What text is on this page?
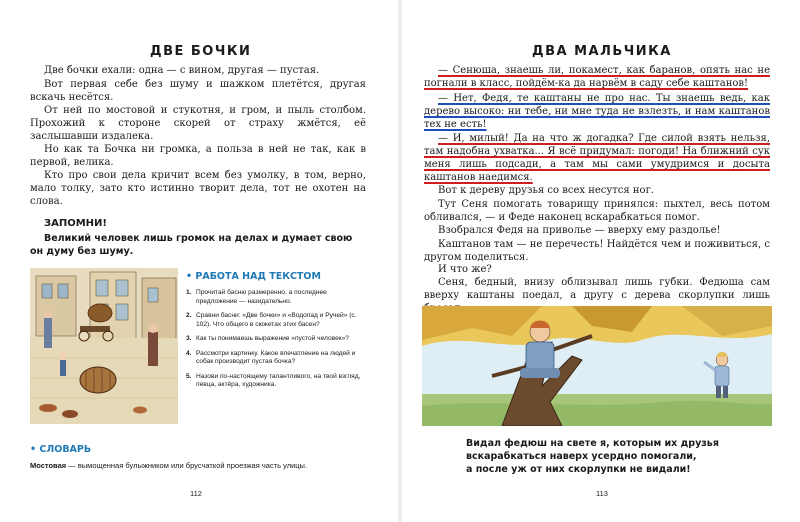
ДВЕ БОЧКИ

Две бочки ехали: одна — с вином, другая — пустая.

Вот первая себе без шуму и шажком плетётся, другая вскачь несётся.

От ней по мостовой и стукотня, и гром, и пыль столбом. Прохожий к стороне скорей от страху жмётся, её заслышавши издалека.

Но как та Бочка ни громка, а польза в ней не так, как в первой, велика.

Кто про свои дела кричит всем без умолку, в том, верно, мало толку, зато кто истинно творит дела, тот не охотен на слова.

ЗАПОМНИ!

Великий человек лишь громок на делах и думает свою он думу без шуму.

• РАБОТА НАД ТЕКСТОМ
1. Прочитай басню размеренно, а последнее предложение — назидательно.
2. Сравни басни: «Две бочки» и «Водопад и Ручей» (с. 102). Что общего в сюжетах этих басен?
3. Как ты понимаешь выражение «пустой человек»?
4. Рассмотри картинку. Какое впечатление на людей и собак производит пустая бочка?
5. Назови по-настоящему талантливого, на твой взгляд, певца, актёра, художника.
• СЛОВАРЬ
Мостовая — вымощенная булыжником или брусчаткой проезжая часть улицы.
112
ДВА МАЛЬЧИКА

— Сенюша, знаешь ли, покамест, как баранов, опять нас не погнали в класс, пойдём-ка да нарвём в саду себе каштанов!

— Нет, Федя, те каштаны не про нас. Ты знаешь ведь, как дерево высоко: ни тебе, ни мне туда не взлезть, и нам каштанов тех не есть!

— И, милый! Да на что ж догадка? Где силой взять нельзя, там надобна ухватка... Я всё придумал: погоди! На ближний сук меня лишь подсади, а там мы сами умудримся и досыта каштанов наедимся.

Вот к дереву друзья со всех несутся ног.

Тут Сеня помогать товарищу принялся: пыхтел, весь потом обливался, — и Феде наконец вскарабкаться помог.

Взобрался Федя на приволье — вверху ему раздолье!

Каштанов там — не перечесть! Найдётся чем и поживиться, с другом поделиться.

И что же?

Сеня, бедный, внизу облизывал лишь губки. Федюша сам вверху каштаны поедал, а другу с дерева скорлупки лишь

Видал федюш на свете я, которым их друзья
вскарабкаться наверх усердно помогали,
а после уж от них скорлупки не видали!
113
